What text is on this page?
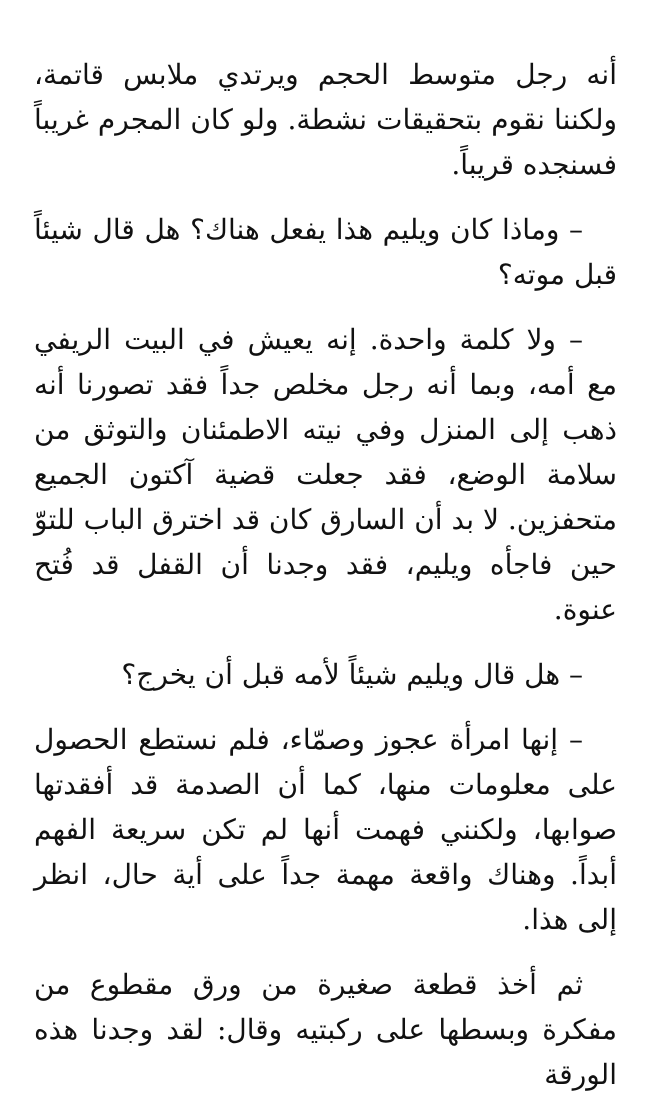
أنه رجل متوسط الحجم ويرتدي ملابس قاتمة، ولكننا نقوم بتحقيقات نشطة. ولو كان المجرم غريباً فسنجده قريباً.

– وماذا كان ويليم هذا يفعل هناك؟ هل قال شيئاً قبل موته؟

– ولا كلمة واحدة. إنه يعيش في البيت الريفي مع أمه، وبما أنه رجل مخلص جداً فقد تصورنا أنه ذهب إلى المنزل وفي نيته الاطمئنان والتوثق من سلامة الوضع، فقد جعلت قضية آكتون الجميع متحفزين. لا بد أن السارق كان قد اخترق الباب للتوّ حين فاجأه ويليم، فقد وجدنا أن القفل قد فُتح عنوة.

– هل قال ويليم شيئاً لأمه قبل أن يخرج؟

– إنها امرأة عجوز وصمّاء، فلم نستطع الحصول على معلومات منها، كما أن الصدمة قد أفقدتها صوابها، ولكنني فهمت أنها لم تكن سريعة الفهم أبداً. وهناك واقعة مهمة جداً على أية حال، انظر إلى هذا.

ثم أخذ قطعة صغيرة من ورق مقطوع من مفكرة وبسطها على ركبتيه وقال: لقد وجدنا هذه الورقة
